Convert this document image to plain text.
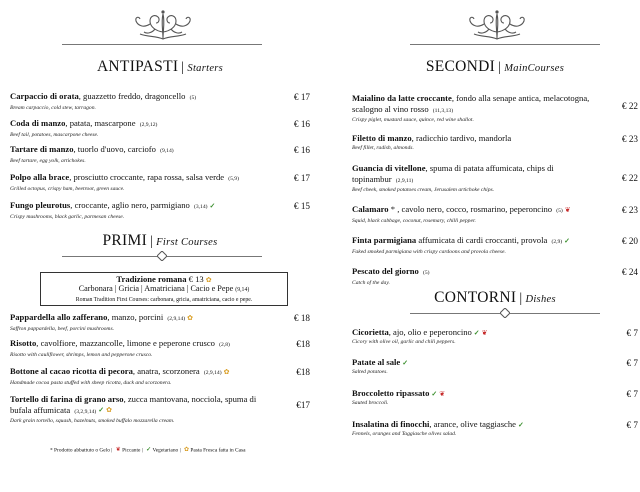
ANTIPASTI | Starters
Carpaccio di orata, guazzetto freddo, dragoncello (5)
Bream carpaccio, cold stew, tarragon.
€ 17
Coda di manzo, patata, mascarpone (2,9,12)
Beef tail, potatoes, mascarpone cheese.
€ 16
Tartare di manzo, tuorlo d'uovo, carciofo (9,14)
Beef tartare, egg yolk, artichokes.
€ 16
Polpo alla brace, prosciutto croccante, rapa rossa, salsa verde (5,9)
Grilled octopus, crispy ham, beetroot, green sauce.
€ 17
Fungo pleurotus, croccante, aglio nero, parmigiano (3,14) ✓
Crispy mushrooms, black garlic, parmesan cheese.
€ 15
PRIMI | First Courses
Tradizione romana € 13 ✿
Carbonara | Gricia | Amatriciana | Cacio e Pepe (9,14)
Roman Tradition First Courses: carbonara, gricia, amatriciana, cacio e pepe.
Pappardella allo zafferano, manzo, porcini (2,9,14) ✿
Saffron pappardella, beef, porcini mushrooms.
€ 18
Risotto, cavolfiore, mazzancolle, limone e peperone crusco (2,8)
Risotto with cauliflower, shrimps, lemon and pepperone crusco.
€18
Bottone al cacao ricotta di pecora, anatra, scorzonera (2,9,14) ✿
Handmade cocoa pasta stuffed with sheep ricotta, duck and scorzonera.
€18
Tortello di farina di grano arso, zucca mantovana, nocciola, spuma di bufala affumicata (3,2,9,14) ✓ ✿
Dark grain tortello, squash, hazelnuts, smoked buffalo mozzarella cream.
€17
* Prodotto abbattuto o Gelo | ❦ Piccante | ✓ Vegetariano | ✿ Pasta Fresca fatta in Casa
SECONDI | MainCourses
Maialino da latte croccante, fondo alla senape antica, melacotogna, scalogno al vino rosso (11,3,13)
Crispy piglet, mustard sauce, quince, red wine shallot.
€ 22
Filetto di manzo, radicchio tardivo, mandorla
Beef fillet, radish, almonds.
€ 23
Guancia di vitellone, spuma di patata affumicata, chips di topinambur (2,9,11)
Beef cheek, smoked potatoes cream, Jerusalem artichoke chips.
€ 22
Calamaro * , cavolo nero, cocco, rosmarino, peperoncino (5) ❦
Squid, black cabbage, coconut, rosemary, chilli pepper.
€ 23
Finta parmigiana affumicata di cardi croccanti, provola (2,9) ✓
Faked smoked parmigiana with crispy cardoons and provola cheese.
€ 20
Pescato del giorno (5)
Catch of the day.
€ 24
CONTORNI | Dishes
Cicorietta, ajo, olio e peperoncino ✓ ❦
Cicory with olive oil, garlic and chili peppers.
€ 7
Patate al sale ✓
Salted potatoes.
€ 7
Broccoletto ripassato ✓ ❦
Sauted broccoli.
€ 7
Insalatina di finocchi, arance, olive taggiasche ✓
Fennels, oranges and Taggiasche olives salad.
€ 7
